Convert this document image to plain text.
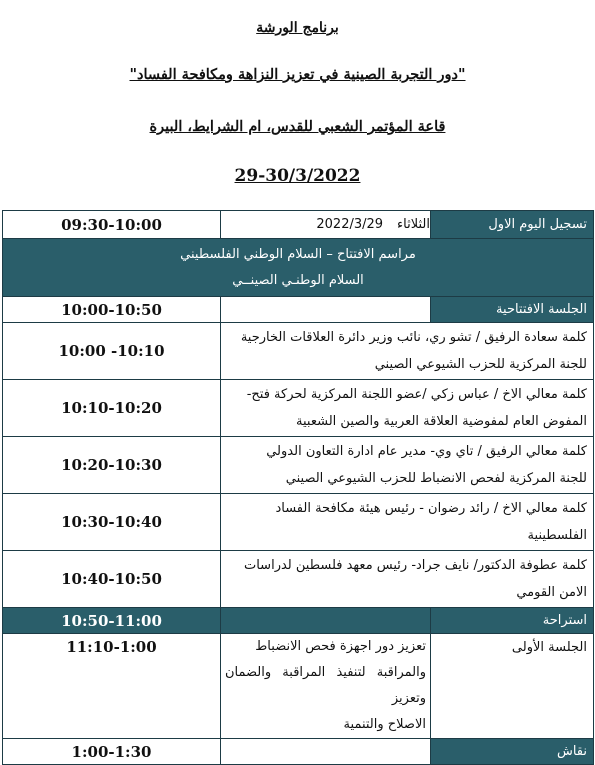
برنامج الورشة
"دور التجربة الصينية في تعزيز النزاهة ومكافحة الفساد"
قاعة المؤتمر الشعبي للقدس، ام الشرايط، البيرة
29-30/3/2022
تسجيل اليوم الاول	الثلاثاء2022/3/29	09:30-10:00

مراسم الافتتاح – السلام الوطني الفلسطيني
السلام الوطنـي الصينــي		

الجلسة الافتتاحية		10:00-10:50

كلمة سعادة الرفيق / تشو ري، نائب وزير دائرة العلاقات الخارجية
للجنة المركزية للحزب الشيوعي الصيني		10:00 -10:10

كلمة معالي الاخ / عباس زكي /عضو اللجنة المركزية لحركة فتح-
المفوض العام لمفوضية العلاقة العربية والصين الشعبية		10:10-10:20

كلمة معالي الرفيق / تاي وي- مدير عام ادارة التعاون الدولي
للجنة المركزية لفحص الانضباط للحزب الشيوعي الصيني		10:20-10:30

كلمة معالي الاخ / رائد رضوان - رئيس هيئة مكافحة الفساد
الفلسطينية		10:30-10:40

كلمة عطوفة الدكتور/ نايف جراد- رئيس معهد فلسطين لدراسات
الامن القومي		10:40-10:50
استراحة		10:50-11:00
الجلسة الأولى	تعزيز دور اجهزة فحص الانضباط
والمراقبة لتنفيذ المراقبة والضمان وتعزيز
الاصلاح والتنمية	11:10-1:00
نقاش		1:00-1:30
